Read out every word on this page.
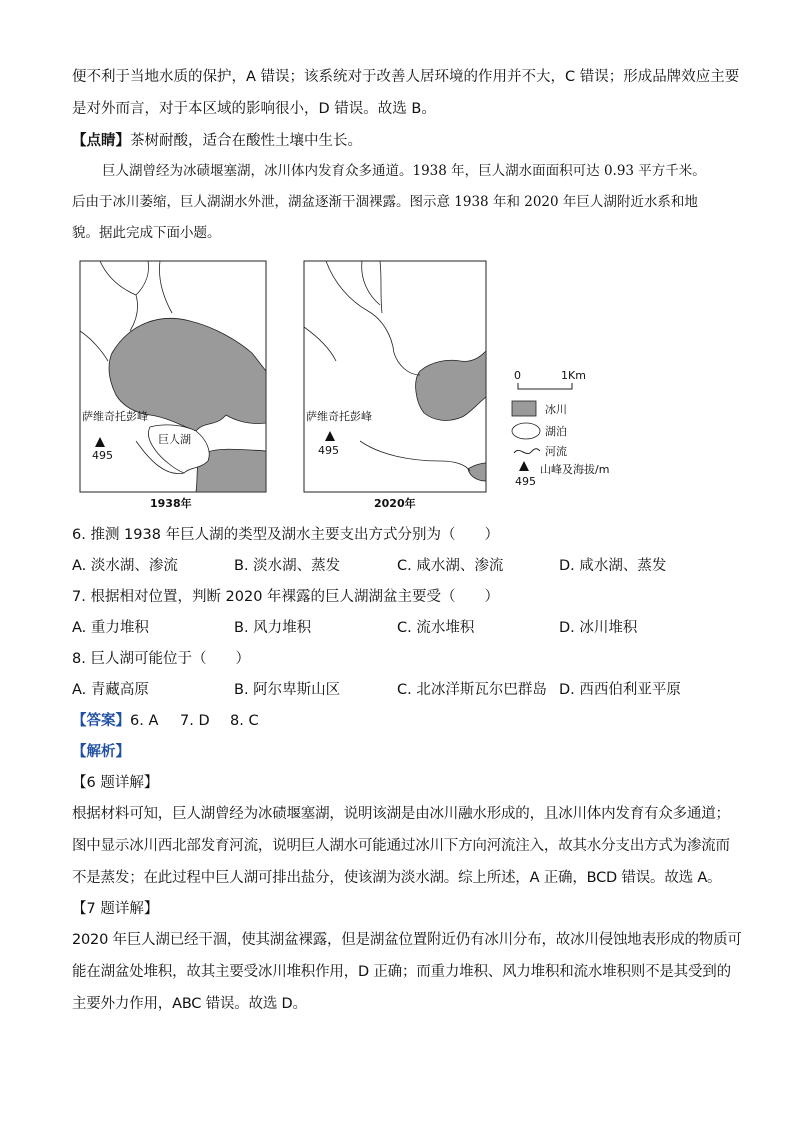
便不利于当地水质的保护，A 错误；该系统对于改善人居环境的作用并不大，C 错误；形成品牌效应主要
是对外而言，对于本区域的影响很小，D 错误。故选 B。
【点睛】茶树耐酸，适合在酸性土壤中生长。
巨人湖曾经为冰碛堰塞湖，冰川体内发育众多通道。1938 年，巨人湖水面面积可达 0.93 平方千米。
后由于冰川萎缩，巨人湖湖水外泄，湖盆逐渐干涸裸露。图示意 1938 年和 2020 年巨人湖附近水系和地
貌。据此完成下面小题。
萨维奇托彭峰
495
巨人湖
1938年
萨维奇托彭峰
495
2020年
0	1Km
冰川
湖泊
河流
山峰及海拔/m
495
6. 推测 1938 年巨人湖的类型及湖水主要支出方式分别为（　　）
A. 淡水湖、渗流	B. 淡水湖、蒸发	C. 咸水湖、渗流	D. 咸水湖、蒸发
7. 根据相对位置，判断 2020 年裸露的巨人湖湖盆主要受（　　）
A. 重力堆积	B. 风力堆积	C. 流水堆积	D. 冰川堆积
8. 巨人湖可能位于（　　）
A. 青藏高原	B. 阿尔卑斯山区	C. 北冰洋斯瓦尔巴群岛 D. 西西伯利亚平原
【答案】6. A 7. D 8. C
【解析】
【6 题详解】
根据材料可知，巨人湖曾经为冰碛堰塞湖，说明该湖是由冰川融水形成的，且冰川体内发育有众多通道；
图中显示冰川西北部发育河流，说明巨人湖水可能通过冰川下方向河流注入，故其水分支出方式为渗流而
不是蒸发；在此过程中巨人湖可排出盐分，使该湖为淡水湖。综上所述，A 正确，BCD 错误。故选 A。
【7 题详解】
2020 年巨人湖已经干涸，使其湖盆裸露，但是湖盆位置附近仍有冰川分布，故冰川侵蚀地表形成的物质可
能在湖盆处堆积，故其主要受冰川堆积作用，D 正确；而重力堆积、风力堆积和流水堆积则不是其受到的
主要外力作用，ABC 错误。故选 D。
